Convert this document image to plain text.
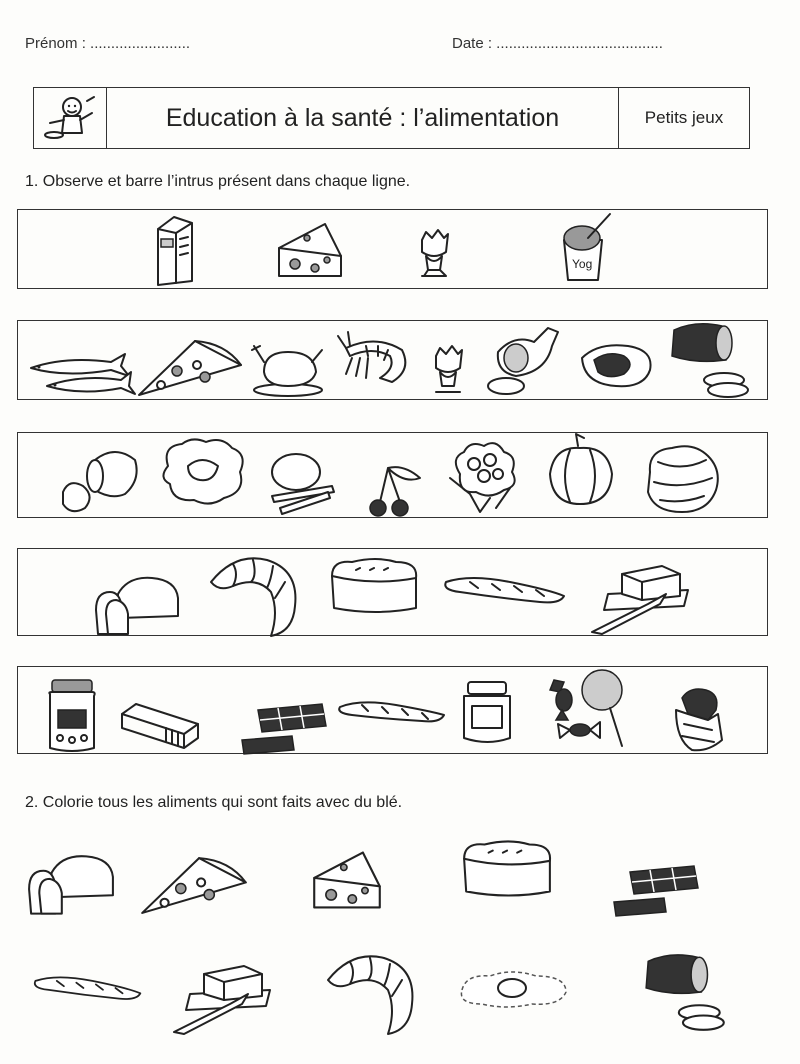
Prénom : ........................	Date : ........................................
Education à la santé : l’alimentation	Petits jeux
1. Observe et barre l’intrus présent dans chaque ligne.
Yog
2. Colorie tous les aliments qui sont faits avec du blé.
